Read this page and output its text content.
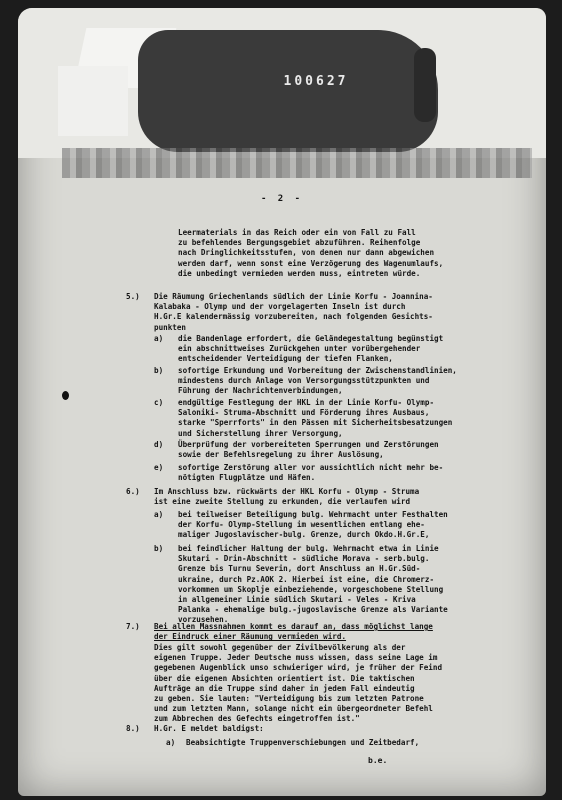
100627
- 2 -
Leermaterials in das Reich oder ein von Fall zu Fall
zu befehlendes Bergungsgebiet abzuführen. Reihenfolge
nach Dringlichkeitsstufen, von denen nur dann abgewichen
werden darf, wenn sonst eine Verzögerung des Wagenumlaufs,
die unbedingt vermieden werden muss, eintreten würde.
5.) Die Räumung Griechenlands südlich der Linie Korfu - Joannina-
Kalabaka - Olymp und der vorgelagerten Inseln ist durch
H.Gr.E kalendermässig vorzubereiten, nach folgenden Gesichts-
punkten
a) die Bandenlage erfordert, die Geländegestaltung begünstigt
ein abschnittweises Zurückgehen unter vorübergehender
entscheidender Verteidigung der tiefen Flanken,
b) sofortige Erkundung und Vorbereitung der Zwischenstandlinien,
mindestens durch Anlage von Versorgungsstützpunkten und
Führung der Nachrichtenverbindungen,
c) endgültige Festlegung der HKL in der Linie Korfu- Olymp-
Saloniki- Struma-Abschnitt und Förderung ihres Ausbaus,
starke "Sperrforts" in den Pässen mit Sicherheitsbesatzungen
und Sicherstellung ihrer Versorgung,
d) Überprüfung der vorbereiteten Sperrungen und Zerstörungen
sowie der Befehlsregelung zu ihrer Auslösung,
e) sofortige Zerstörung aller vor aussichtlich nicht mehr be-
nötigten Flugplätze und Häfen.
6.) Im Anschluss bzw. rückwärts der HKL Korfu - Olymp - Struma
ist eine zweite Stellung zu erkunden, die verlaufen wird
a) bei teilweiser Beteiligung bulg. Wehrmacht unter Festhalten
der Korfu- Olymp-Stellung im wesentlichen entlang ehe-
maliger Jugoslavischer-bulg. Grenze, durch Okdo.H.Gr.E,
b) bei feindlicher Haltung der bulg. Wehrmacht etwa in Linie
Skutari - Drin-Abschnitt - südliche Morava - serb.bulg.
Grenze bis Turnu Severin, dort Anschluss an H.Gr.Süd-
ukraine, durch Pz.AOK 2. Hierbei ist eine, die Chromerz-
vorkommen um Skoplje einbeziehende, vorgeschobene Stellung
in allgemeiner Linie südlich Skutari - Veles - Kriva
Palanka - ehemalige bulg.-jugoslavische Grenze als Variante
vorzusehen.
7.) Bei allen Massnahmen kommt es darauf an, dass möglichst lange
der Eindruck einer Räumung vermieden wird.
Dies gilt sowohl gegenüber der Zivilbevölkerung als der
eigenen Truppe. Jeder Deutsche muss wissen, dass seine Lage im
gegebenen Augenblick umso schwieriger wird, je früher der Feind
über die eigenen Absichten orientiert ist. Die taktischen
Aufträge an die Truppe sind daher in jedem Fall eindeutig
zu geben. Sie lauten: "Verteidigung bis zum letzten Patrone
und zum letzten Mann, solange nicht ein übergeordneter Befehl
zum Abbrechen des Gefechts eingetroffen ist."
8.) H.Gr. E meldet baldigst:
a) Beabsichtigte Truppenverschiebungen und Zeitbedarf,
b.e.
